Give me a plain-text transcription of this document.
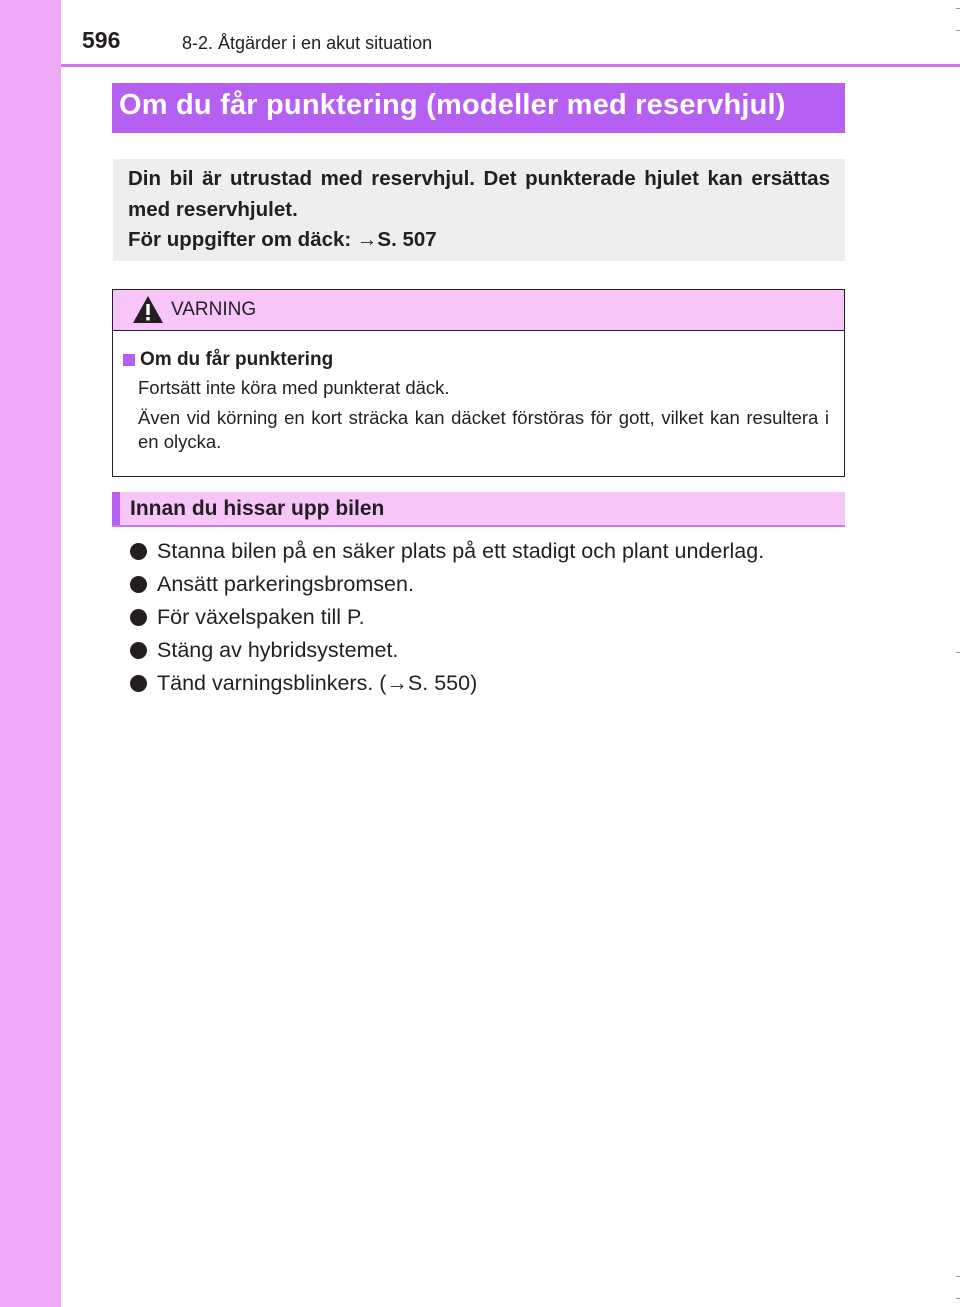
596	8-2. Åtgärder i en akut situation
Om du får punktering (modeller med reservhjul)

Din bil är utrustad med reservhjul. Det punkterade hjulet kan ersättas med reservhjulet.

För uppgifter om däck: →S. 507

VARNING
Om du får punktering

Fortsätt inte köra med punkterat däck.

Även vid körning en kort sträcka kan däcket förstöras för gott, vilket kan resultera i en olycka.

Innan du hissar upp bilen
Stanna bilen på en säker plats på ett stadigt och plant underlag.
Ansätt parkeringsbromsen.
För växelspaken till P.
Stäng av hybridsystemet.
Tänd varningsblinkers. (→S. 550)
